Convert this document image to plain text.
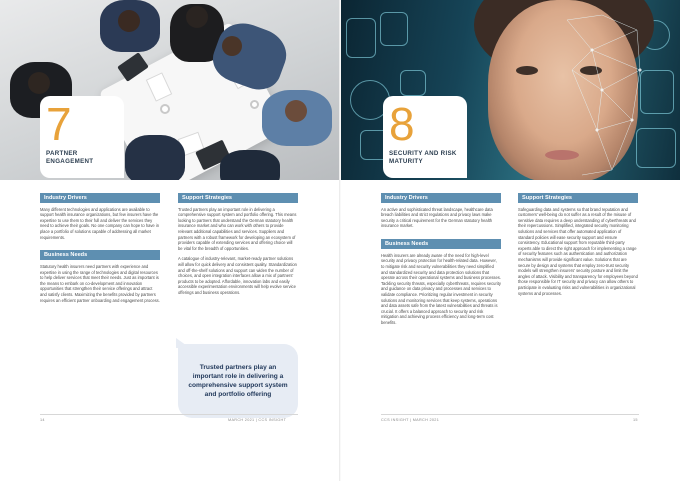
7
PARTNER
ENGAGEMENT
Industry Drivers
Many different technologies and applications are available to support health insurance organizations, but few insurers have the expertise to use them to their full and deliver the services they need to achieve their goals. No one company can hope to have in place a portfolio of solutions capable of addressing all market requirements.
Business Needs
Statutory health insurers need partners with experience and expertise in using the range of technologies and digital resources to help deliver services that meet their needs. Just as important is the means to embark on co-development and innovation opportunities that strengthen their service offerings and attract and satisfy clients. Maximizing the benefits provided by partners requires an efficient partner onboarding and engagement process.
Support Strategies
Trusted partners play an important role in delivering a comprehensive support system and portfolio offering. This means looking to partners that understand the German statutory health insurance market and who can work with others to provide relevant additional capabilities and services. Suppliers and partners with a robust framework for developing an ecosystem of providers capable of extending services and offering choice will be vital for the breadth of opportunities.
A catalogue of industry-relevant, market-ready partner solutions will allow for quick delivery and consistent quality. Standardization and off-the-shelf solutions and support can widen the number of choices, and open integration interfaces allow a mix of partners' products to be adopted. Affordable, innovation labs and easily accessible experimentation environments will help evolve service offerings and business operations.
Trusted partners play an important role in delivering a comprehensive support system and portfolio offering
14	MARCH 2021 | CCS INSIGHT
8
SECURITY AND RISK
MATURITY
Industry Drivers
An active and sophisticated threat landscape, healthcare data breach liabilities and strict regulations and privacy laws make security a critical requirement for the German statutory health insurance market.
Business Needs
Health insurers are already aware of the need for high-level security and privacy protection for health-related data. However, to mitigate risk and security vulnerabilities they need simplified and standardized security and data protection solutions that operate across their operational systems and business processes. Tackling security threats, especially cyberthreats, requires security and guidance on data privacy and processes and services to validate compliance. Prioritizing regular investment in security solutions and monitoring services that keep systems, operations and data assets safe from the latest vulnerabilities and threats is crucial. It offers a balanced approach to security and risk mitigation and achieving process efficiency and long-term cost benefits.
Support Strategies
Safeguarding data and systems so that brand reputation and customers' well-being do not suffer as a result of the misuse of sensitive data requires a deep understanding of cyberthreats and their repercussions. Simplified, integrated security monitoring solutions and services that offer automated application of standard policies will ease security support and ensure consistency. Educational support from reputable third-party experts able to direct the right approach for implementing a range of security features such as authentication and authorization mechanisms will provide significant value. Solutions that are secure by design and systems that employ zero-trust security models will strengthen insurers' security posture and limit the angles of attack. Visibility and transparency for employees beyond those responsible for IT security and privacy can allow others to participate in evaluating risks and vulnerabilities in organizational systems and processes.
CCS INSIGHT | MARCH 2021	15
